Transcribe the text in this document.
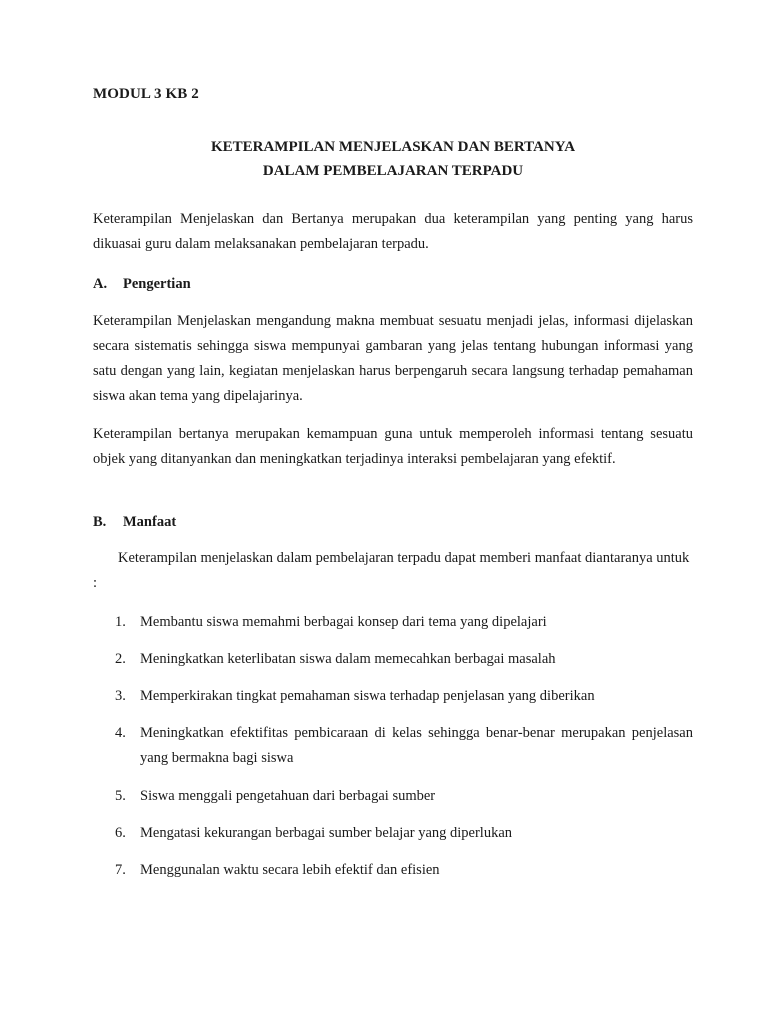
MODUL 3 KB 2
KETERAMPILAN MENJELASKAN DAN BERTANYA
DALAM PEMBELAJARAN TERPADU

Keterampilan Menjelaskan dan Bertanya merupakan dua keterampilan yang penting yang harus dikuasai guru dalam melaksanakan pembelajaran terpadu.

A. Pengertian

Keterampilan Menjelaskan mengandung makna membuat sesuatu menjadi jelas, informasi dijelaskan secara sistematis sehingga siswa mempunyai gambaran yang jelas tentang hubungan informasi yang satu dengan yang lain, kegiatan menjelaskan harus berpengaruh secara langsung terhadap pemahaman siswa akan tema yang dipelajarinya.

Keterampilan bertanya merupakan kemampuan guna untuk memperoleh informasi tentang sesuatu objek yang ditanyankan dan meningkatkan terjadinya interaksi pembelajaran yang efektif.

B. Manfaat

Keterampilan menjelaskan dalam pembelajaran terpadu dapat memberi manfaat diantaranya untuk :

1. Membantu siswa memahmi berbagai konsep dari tema yang dipelajari
2. Meningkatkan keterlibatan siswa dalam memecahkan berbagai masalah
3. Memperkirakan tingkat pemahaman siswa terhadap penjelasan yang diberikan
4. Meningkatkan efektifitas pembicaraan di kelas sehingga benar-benar merupakan penjelasan yang bermakna bagi siswa
5. Siswa menggali pengetahuan dari berbagai sumber
6. Mengatasi kekurangan berbagai sumber belajar yang diperlukan
7. Menggunalan waktu secara lebih efektif dan efisien
